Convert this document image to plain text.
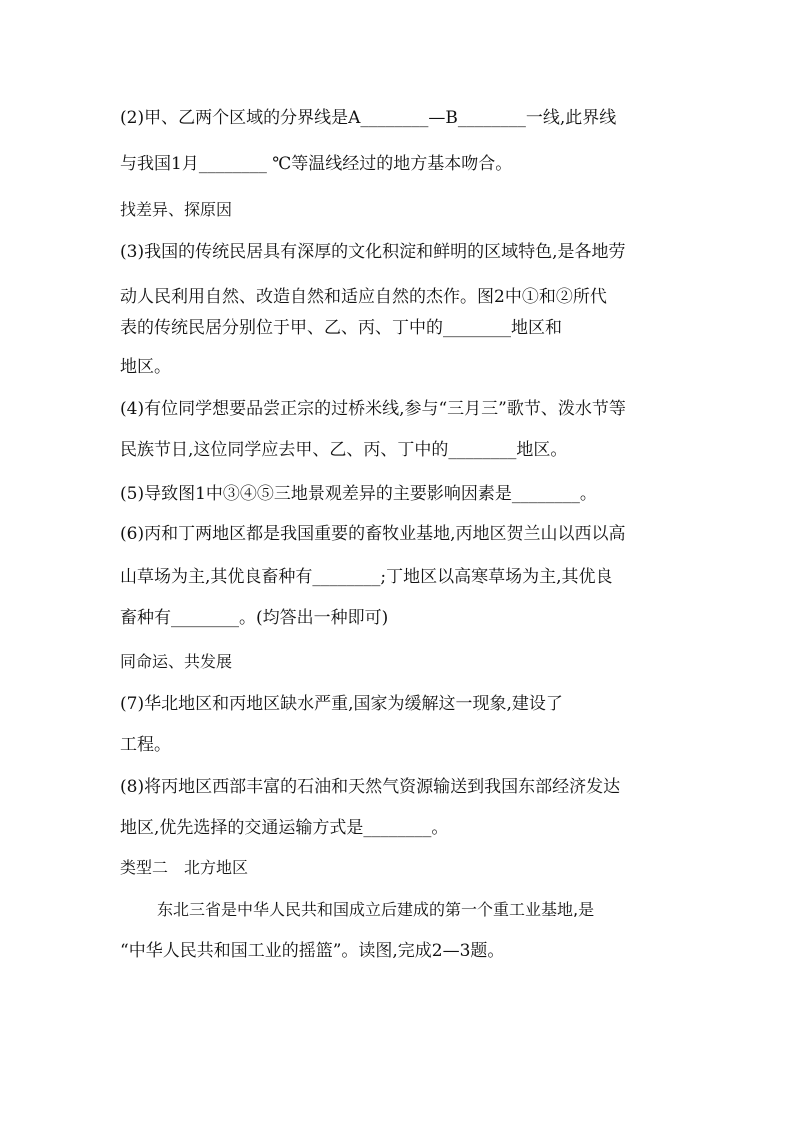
(2)甲、乙两个区域的分界线是A________—B________一线,此界线
与我国1月________ ℃等温线经过的地方基本吻合。
找差异、探原因
(3)我国的传统民居具有深厚的文化积淀和鲜明的区域特色,是各地劳
动人民利用自然、改造自然和适应自然的杰作。图2中①和②所代
表的传统民居分别位于甲、乙、丙、丁中的________地区和
地区。
(4)有位同学想要品尝正宗的过桥米线,参与“三月三”歌节、泼水节等
民族节日,这位同学应去甲、乙、丙、丁中的________地区。
(5)导致图1中③④⑤三地景观差异的主要影响因素是________。
(6)丙和丁两地区都是我国重要的畜牧业基地,丙地区贺兰山以西以高
山草场为主,其优良畜种有________;丁地区以高寒草场为主,其优良
畜种有________。(均答出一种即可)
同命运、共发展
(7)华北地区和丙地区缺水严重,国家为缓解这一现象,建设了
工程。
(8)将丙地区西部丰富的石油和天然气资源输送到我国东部经济发达
地区,优先选择的交通运输方式是________。
类型二　北方地区
东北三省是中华人民共和国成立后建成的第一个重工业基地,是
“中华人民共和国工业的摇篮”。读图,完成2—3题。
